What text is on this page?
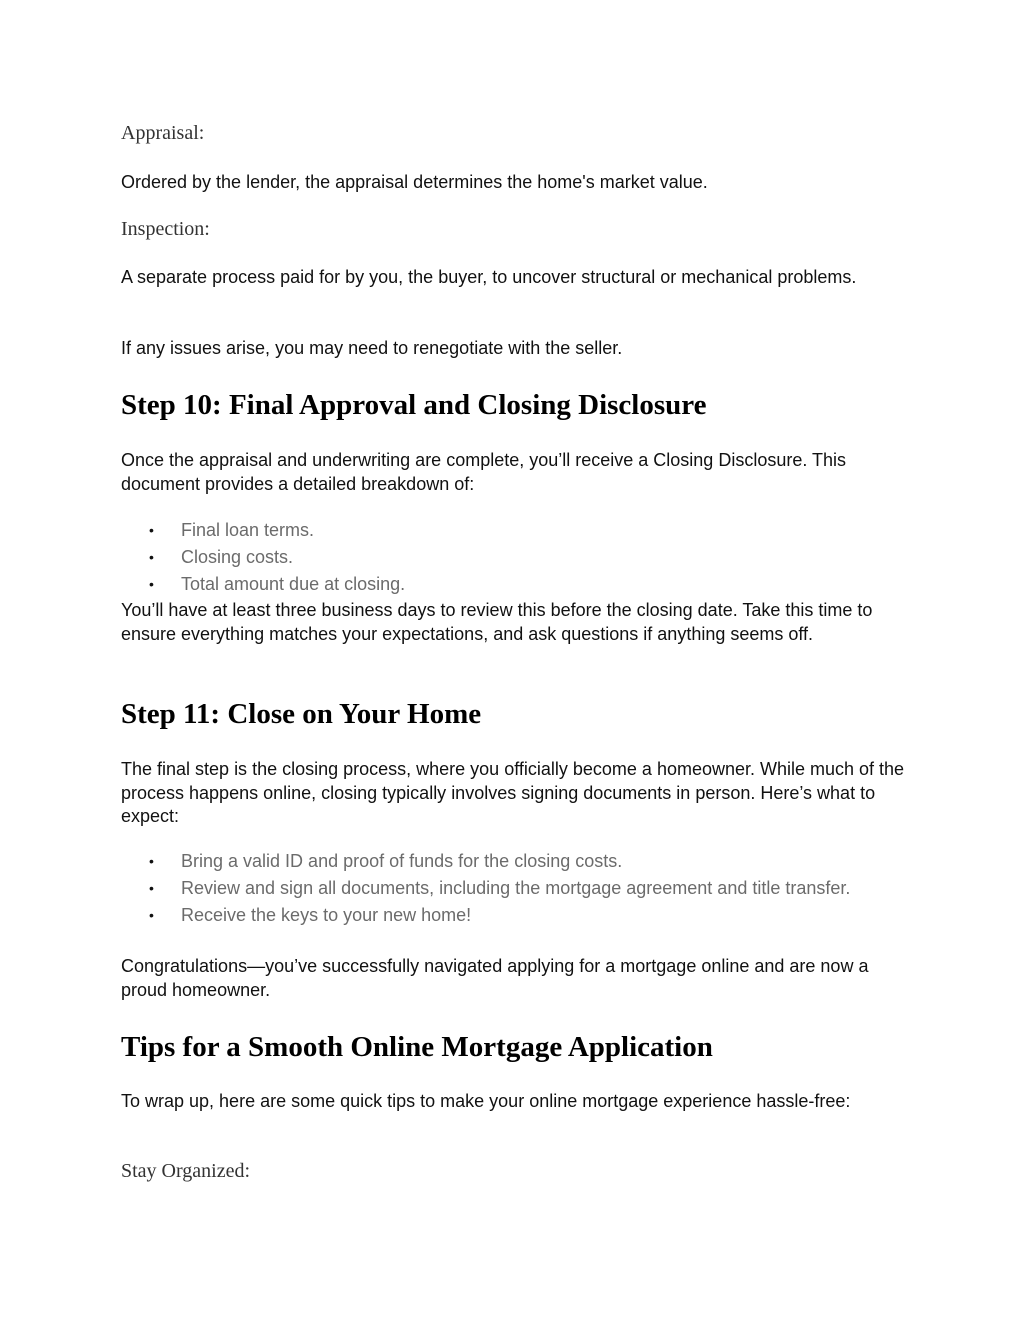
Appraisal:
Ordered by the lender, the appraisal determines the home's market value.
Inspection:
A separate process paid for by you, the buyer, to uncover structural or mechanical problems.
If any issues arise, you may need to renegotiate with the seller.
Step 10: Final Approval and Closing Disclosure
Once the appraisal and underwriting are complete, you’ll receive a Closing Disclosure. This document provides a detailed breakdown of:
• Final loan terms.
• Closing costs.
• Total amount due at closing.
You’ll have at least three business days to review this before the closing date. Take this time to ensure everything matches your expectations, and ask questions if anything seems off.
Step 11: Close on Your Home
The final step is the closing process, where you officially become a homeowner. While much of the process happens online, closing typically involves signing documents in person. Here’s what to expect:
• Bring a valid ID and proof of funds for the closing costs.
• Review and sign all documents, including the mortgage agreement and title transfer.
• Receive the keys to your new home!
Congratulations—you’ve successfully navigated applying for a mortgage online and are now a proud homeowner.
Tips for a Smooth Online Mortgage Application
To wrap up, here are some quick tips to make your online mortgage experience hassle-free:
Stay Organized:
